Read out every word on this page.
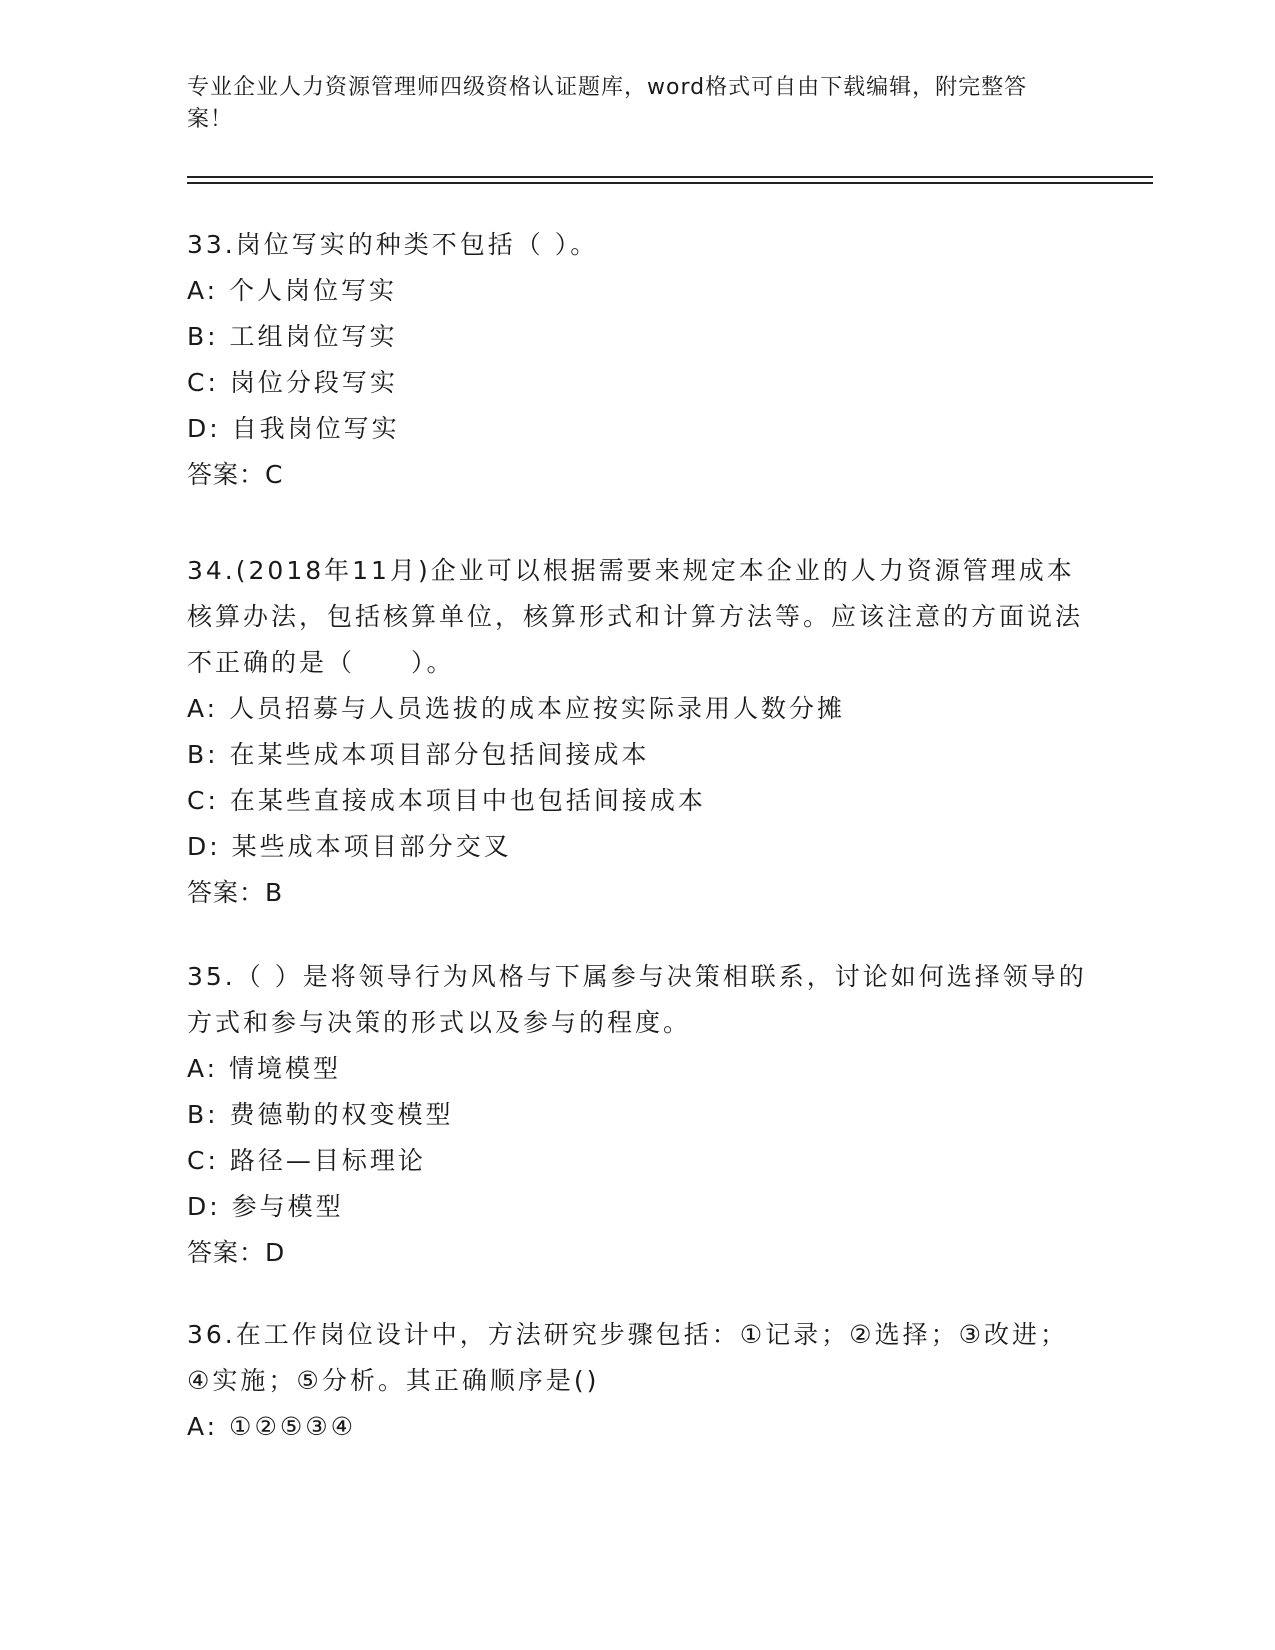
专业企业人力资源管理师四级资格认证题库，word格式可自由下载编辑，附完整答案！
33.岗位写实的种类不包括（ ）。
A: 个人岗位写实
B: 工组岗位写实
C: 岗位分段写实
D: 自我岗位写实
答案：C
34.(2018年11月)企业可以根据需要来规定本企业的人力资源管理成本核算办法，包括核算单位，核算形式和计算方法等。应该注意的方面说法不正确的是（　　）。
A: 人员招募与人员选拔的成本应按实际录用人数分摊
B: 在某些成本项目部分包括间接成本
C: 在某些直接成本项目中也包括间接成本
D: 某些成本项目部分交叉
答案：B
35.（ ）是将领导行为风格与下属参与决策相联系，讨论如何选择领导的方式和参与决策的形式以及参与的程度。
A: 情境模型
B: 费德勒的权变模型
C: 路径—目标理论
D: 参与模型
答案：D
36.在工作岗位设计中，方法研究步骤包括：①记录；②选择；③改进；④实施；⑤分析。其正确顺序是()
A: ①②⑤③④
